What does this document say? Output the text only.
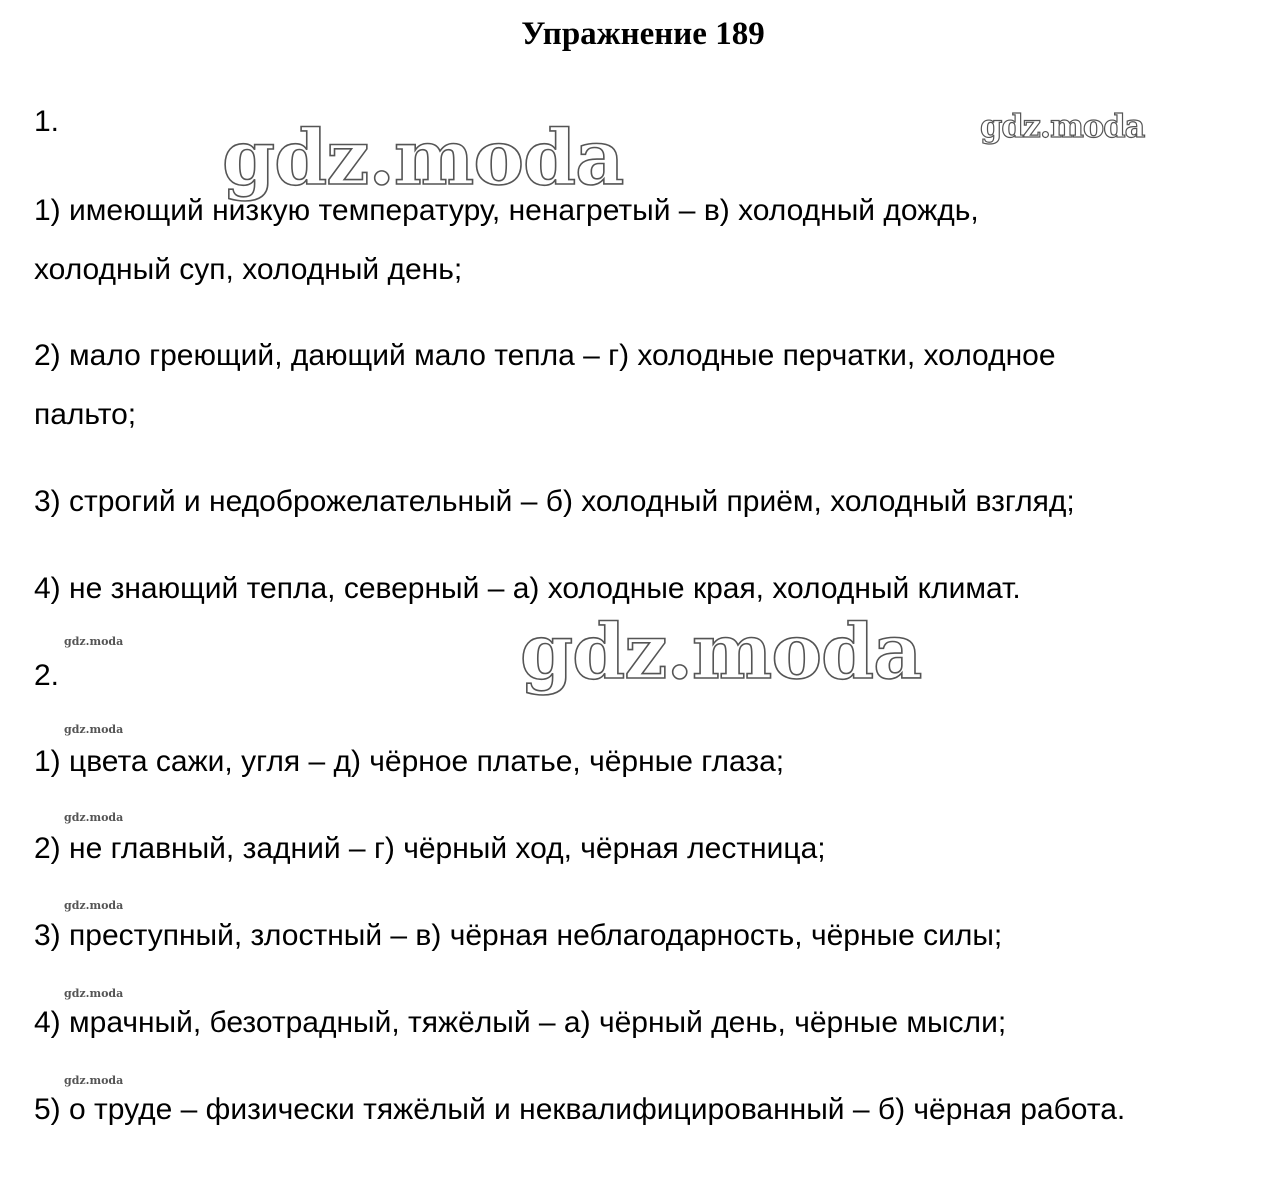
Упражнение 189
1.
1) имеющий низкую температуру, ненагретый – в) холодный дождь,
холодный суп, холодный день;
2) мало греющий, дающий мало тепла – г) холодные перчатки, холодное
пальто;
3) строгий и недоброжелательный – б) холодный приём, холодный взгляд;
4) не знающий тепла, северный – а) холодные края, холодный климат.
2.
1) цвета сажи, угля – д) чёрное платье, чёрные глаза;
2) не главный, задний – г) чёрный ход, чёрная лестница;
3) преступный, злостный – в) чёрная неблагодарность, чёрные силы;
4) мрачный, безотрадный, тяжёлый – а) чёрный день, чёрные мысли;
5) о труде – физически тяжёлый и неквалифицированный – б) чёрная работа.
gdz.moda	gdz.moda
gdz.moda
gdz.moda
gdz.moda
gdz.moda
gdz.moda
gdz.moda
gdz.moda
